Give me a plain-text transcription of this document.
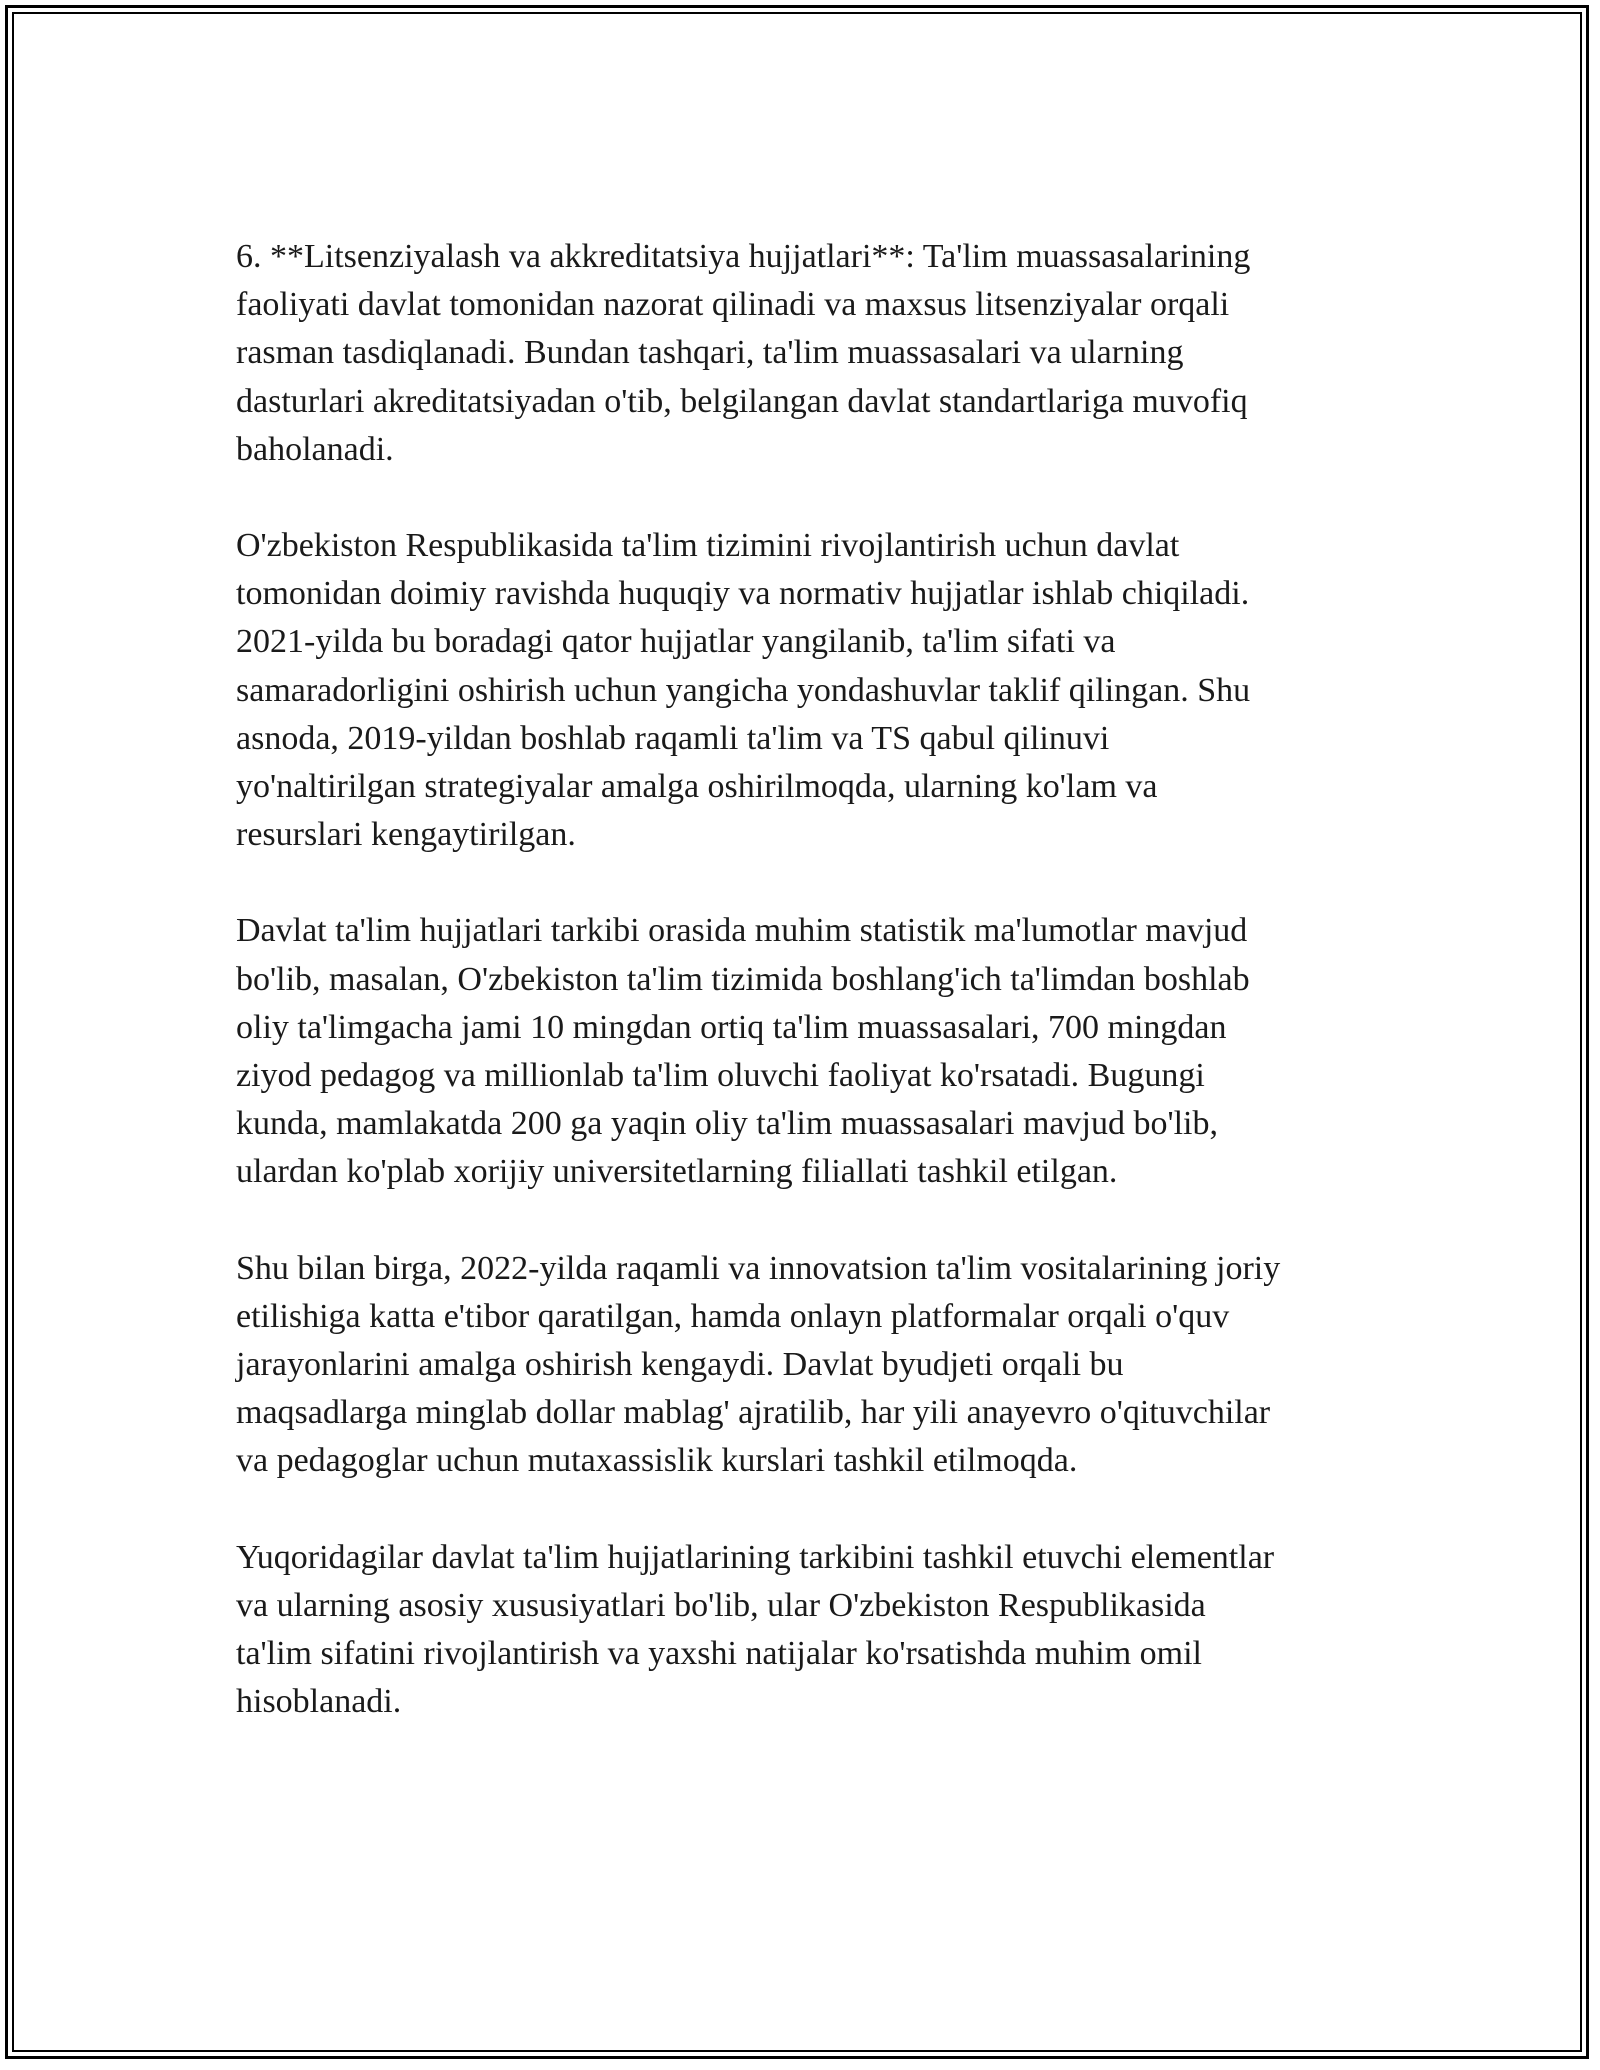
6. **Litsenziyalash va akkreditatsiya hujjatlari**: Ta'lim muassasalarining
faoliyati davlat tomonidan nazorat qilinadi va maxsus litsenziyalar orqali
rasman tasdiqlanadi. Bundan tashqari, ta'lim muassasalari va ularning
dasturlari akreditatsiyadan o'tib, belgilangan davlat standartlariga muvofiq
baholanadi.

O'zbekiston Respublikasida ta'lim tizimini rivojlantirish uchun davlat
tomonidan doimiy ravishda huquqiy va normativ hujjatlar ishlab chiqiladi.
2021-yilda bu boradagi qator hujjatlar yangilanib, ta'lim sifati va
samaradorligini oshirish uchun yangicha yondashuvlar taklif qilingan. Shu
asnoda, 2019-yildan boshlab raqamli ta'lim va TS qabul qilinuvi
yo'naltirilgan strategiyalar amalga oshirilmoqda, ularning ko'lam va
resurslari kengaytirilgan.

Davlat ta'lim hujjatlari tarkibi orasida muhim statistik ma'lumotlar mavjud
bo'lib, masalan, O'zbekiston ta'lim tizimida boshlang'ich ta'limdan boshlab
oliy ta'limgacha jami 10 mingdan ortiq ta'lim muassasalari, 700 mingdan
ziyod pedagog va millionlab ta'lim oluvchi faoliyat ko'rsatadi. Bugungi
kunda, mamlakatda 200 ga yaqin oliy ta'lim muassasalari mavjud bo'lib,
ulardan ko'plab xorijiy universitetlarning filiallati tashkil etilgan.

Shu bilan birga, 2022-yilda raqamli va innovatsion ta'lim vositalarining joriy
etilishiga katta e'tibor qaratilgan, hamda onlayn platformalar orqali o'quv
jarayonlarini amalga oshirish kengaydi. Davlat byudjeti orqali bu
maqsadlarga minglab dollar mablag' ajratilib, har yili anayevro o'qituvchilar
va pedagoglar uchun mutaxassislik kurslari tashkil etilmoqda.

Yuqoridagilar davlat ta'lim hujjatlarining tarkibini tashkil etuvchi elementlar
va ularning asosiy xususiyatlari bo'lib, ular O'zbekiston Respublikasida
ta'lim sifatini rivojlantirish va yaxshi natijalar ko'rsatishda muhim omil
hisoblanadi.
